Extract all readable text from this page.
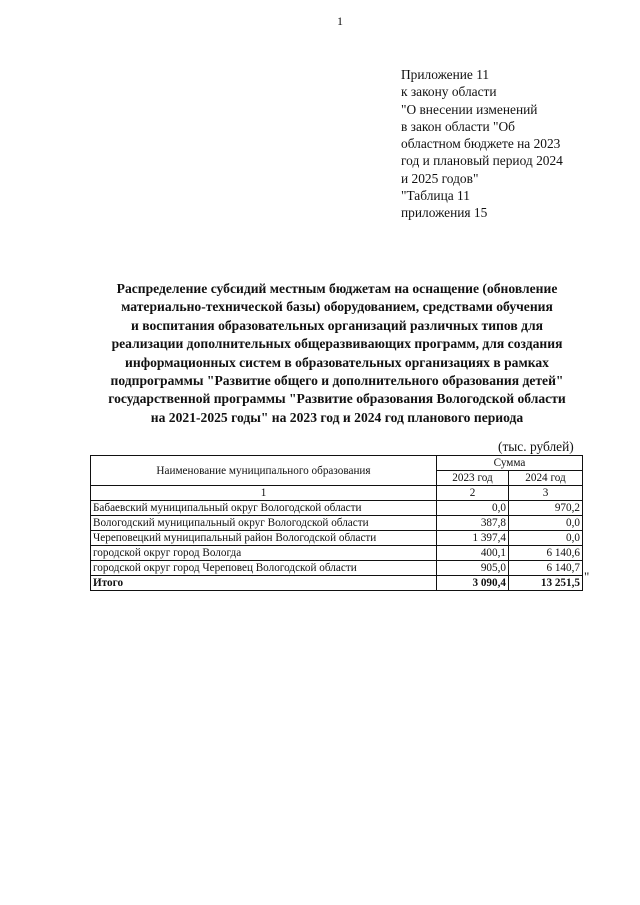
1
Приложение 11
к закону области
"О внесении изменений
в закон области "Об
областном бюджете на 2023
год и плановый период 2024
и 2025 годов"
"Таблица 11
приложения 15
Распределение субсидий местным бюджетам на оснащение (обновление
материально-технической базы) оборудованием, средствами обучения
и воспитания образовательных организаций различных типов для
реализации дополнительных общеразвивающих программ, для создания
информационных систем в образовательных организациях в рамках
подпрограммы "Развитие общего и дополнительного образования детей"
государственной программы "Развитие образования Вологодской области
на 2021-2025 годы" на 2023 год и 2024 год планового периода
(тыс. рублей)
Наименование муниципального образования	Сумма	
	2023 год	2024 год
1	2	3
Бабаевский муниципальный округ Вологодской области	0,0	970,2
Вологодский муниципальный округ Вологодской области	387,8	0,0
Череповецкий муниципальный район Вологодской области	1 397,4	0,0
городской округ город Вологда	400,1	6 140,6
городской округ город Череповец Вологодской области	905,0	6 140,7
Итого	3 090,4	13 251,5 "
